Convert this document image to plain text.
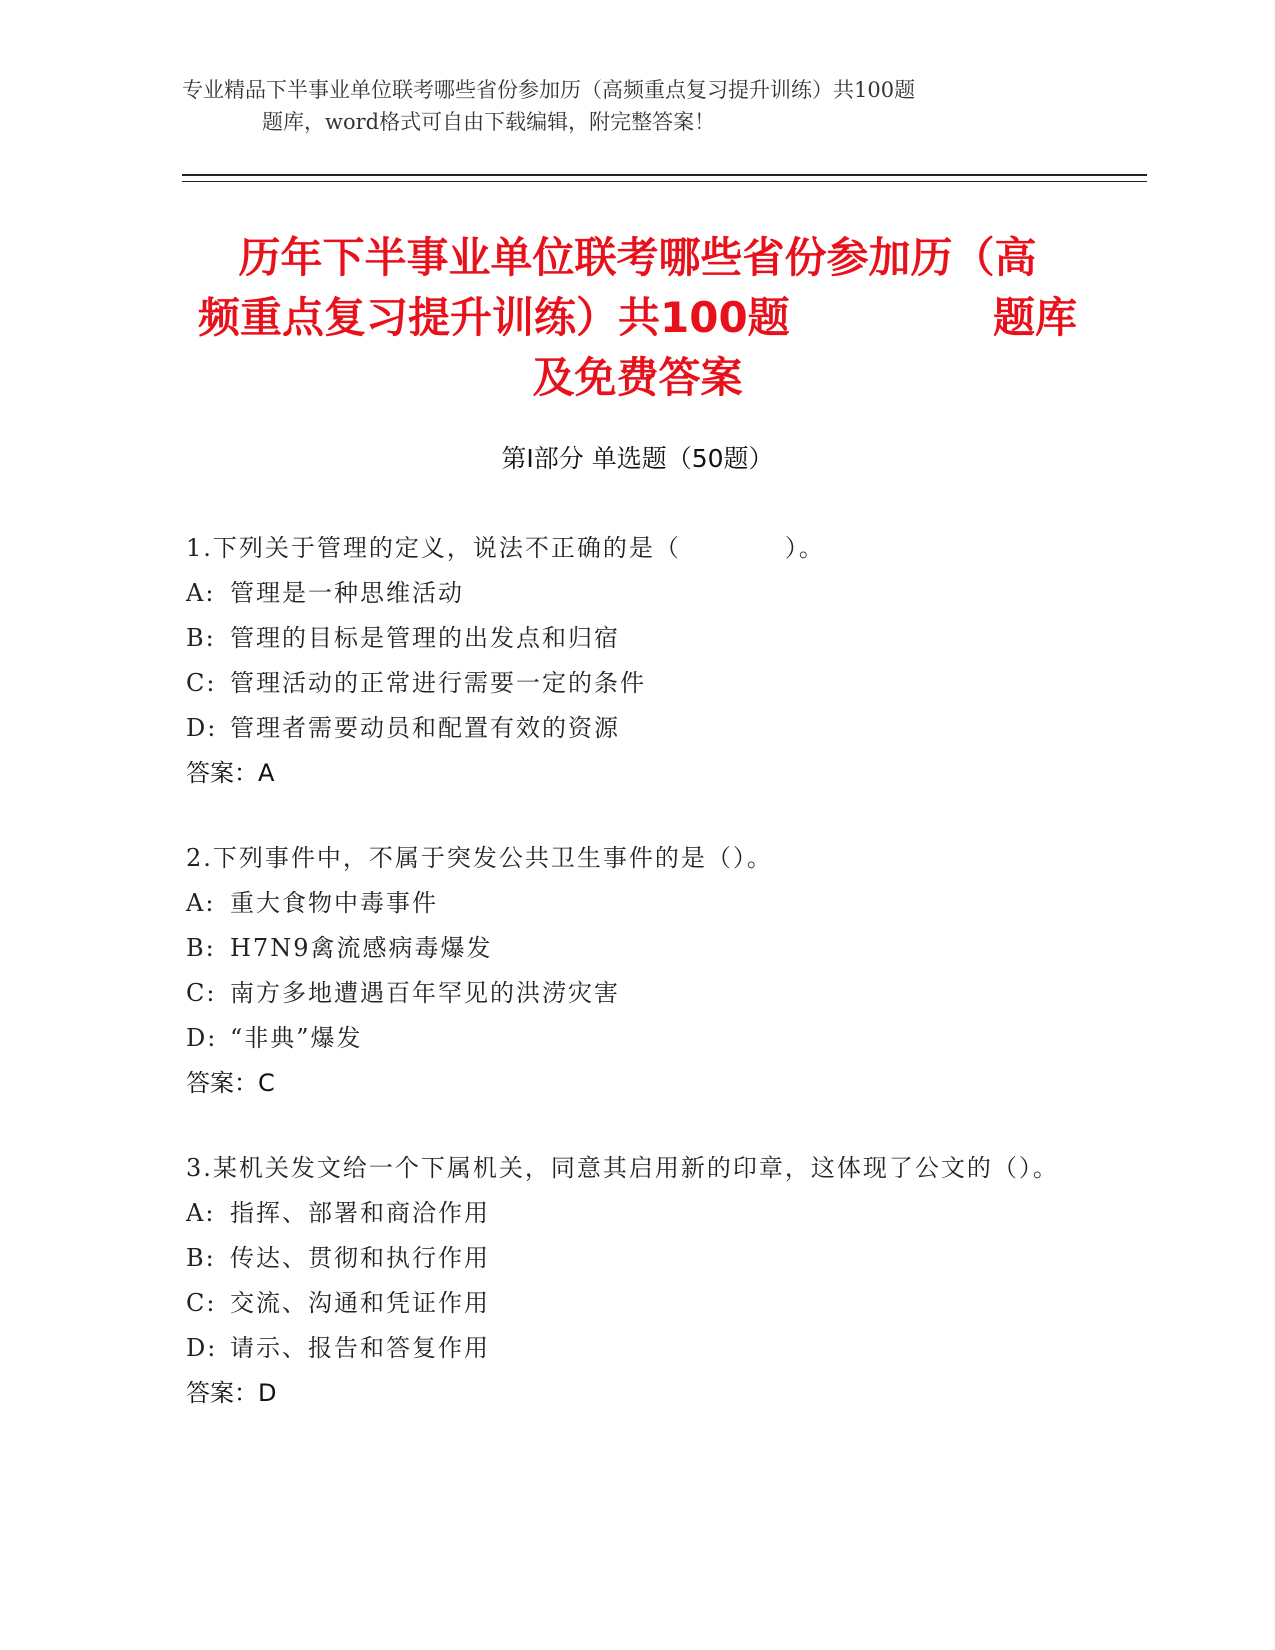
专业精品下半事业单位联考哪些省份参加历（高频重点复习提升训练）共100题
题库，word格式可自由下载编辑，附完整答案！
历年下半事业单位联考哪些省份参加历（高
频重点复习提升训练）共100题	题库
及免费答案
第Ⅰ部分 单选题（50题）
1.下列关于管理的定义，说法不正确的是（　　　　）。
A: 管理是一种思维活动
B: 管理的目标是管理的出发点和归宿
C: 管理活动的正常进行需要一定的条件
D: 管理者需要动员和配置有效的资源
答案：A
2.下列事件中，不属于突发公共卫生事件的是（）。
A: 重大食物中毒事件
B: H7N9禽流感病毒爆发
C: 南方多地遭遇百年罕见的洪涝灾害
D: “非典”爆发
答案：C
3.某机关发文给一个下属机关，同意其启用新的印章，这体现了公文的（）。
A: 指挥、部署和商洽作用
B: 传达、贯彻和执行作用
C: 交流、沟通和凭证作用
D: 请示、报告和答复作用
答案：D
